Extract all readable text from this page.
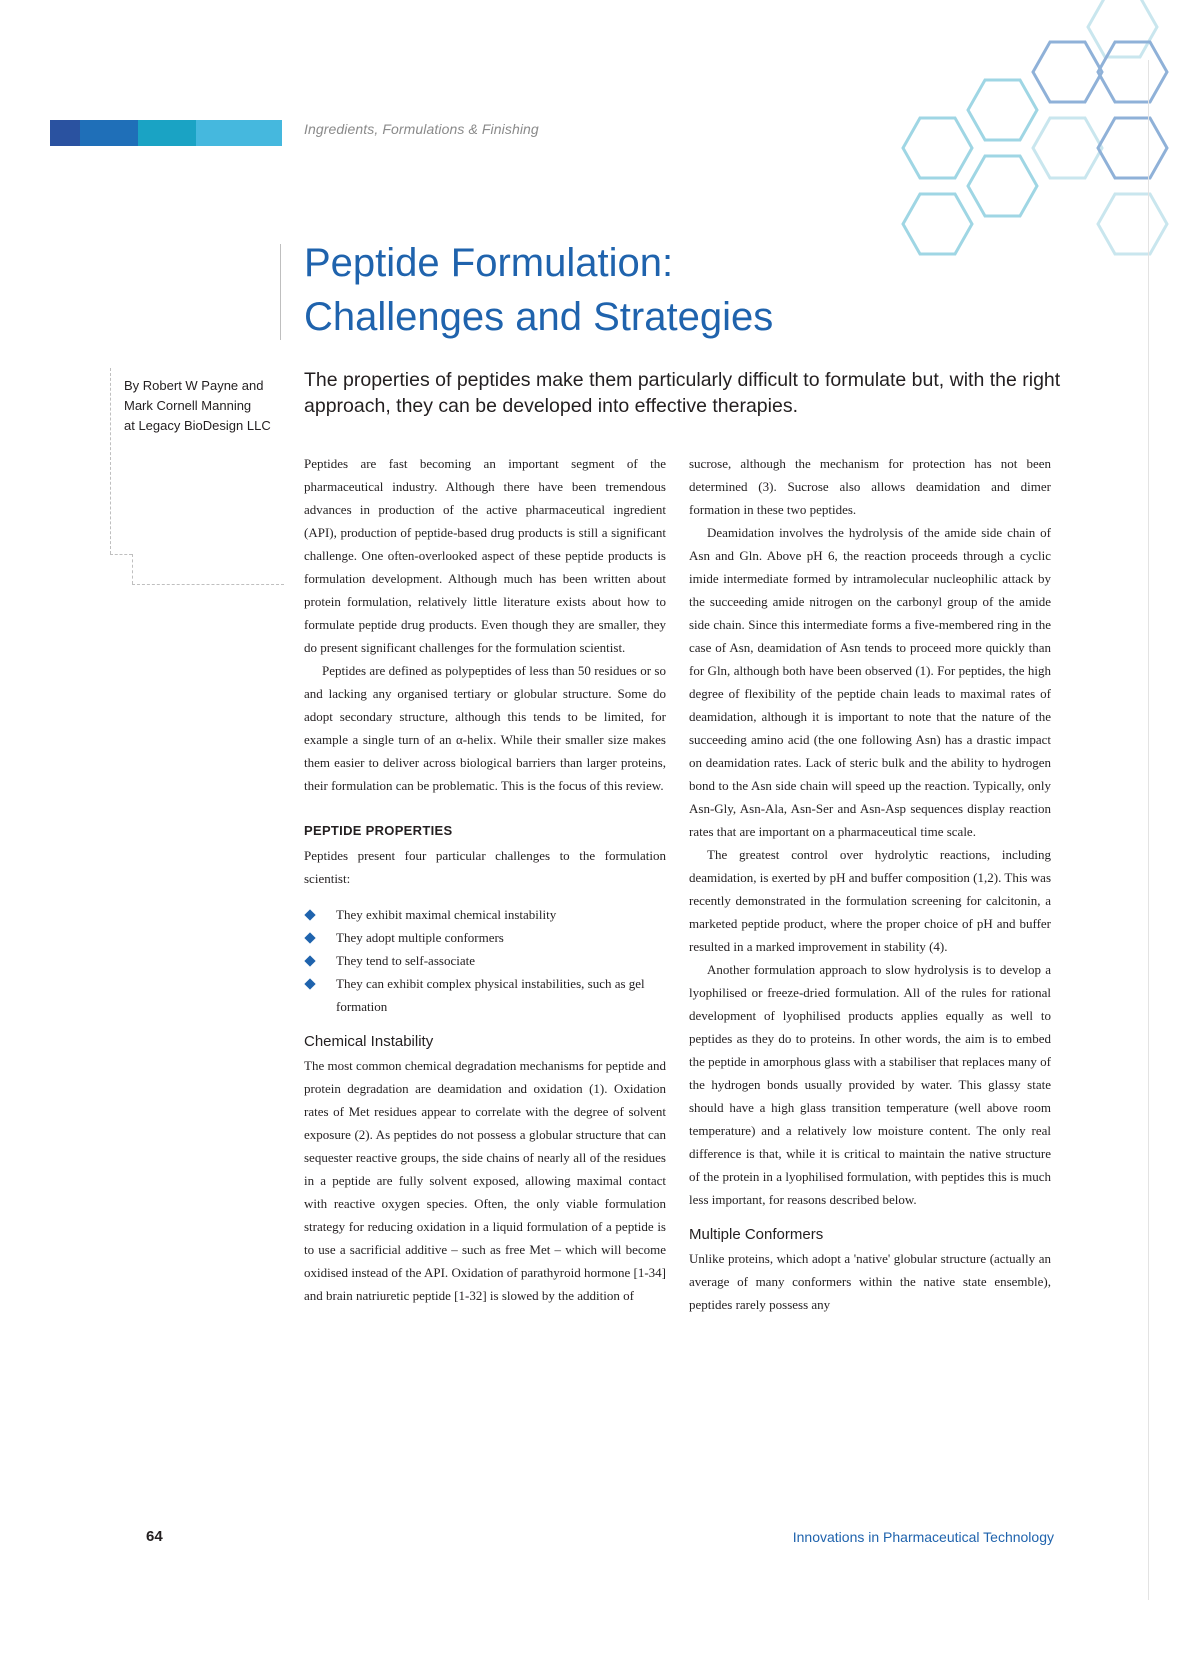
Ingredients, Formulations & Finishing
Peptide Formulation:
Challenges and Strategies
By Robert W Payne and
Mark Cornell Manning
at Legacy BioDesign LLC

The properties of peptides make them particularly difficult to formulate but, with the right approach, they can be developed into effective therapies.

Peptides are fast becoming an important segment of the pharmaceutical industry. Although there have been tremendous advances in production of the active pharmaceutical ingredient (API), production of peptide-based drug products is still a significant challenge. One often-overlooked aspect of these peptide products is formulation development. Although much has been written about protein formulation, relatively little literature exists about how to formulate peptide drug products. Even though they are smaller, they do present significant challenges for the formulation scientist.

Peptides are defined as polypeptides of less than 50 residues or so and lacking any organised tertiary or globular structure. Some do adopt secondary structure, although this tends to be limited, for example a single turn of an α-helix. While their smaller size makes them easier to deliver across biological barriers than larger proteins, their formulation can be problematic. This is the focus of this review.

PEPTIDE PROPERTIES

Peptides present four particular challenges to the formulation scientist:

They exhibit maximal chemical instability
They adopt multiple conformers
They tend to self-associate
They can exhibit complex physical instabilities, such as gel formation
Chemical Instability

The most common chemical degradation mechanisms for peptide and protein degradation are deamidation and oxidation (1). Oxidation rates of Met residues appear to correlate with the degree of solvent exposure (2). As peptides do not possess a globular structure that can sequester reactive groups, the side chains of nearly all of the residues in a peptide are fully solvent exposed, allowing maximal contact with reactive oxygen species. Often, the only viable formulation strategy for reducing oxidation in a liquid formulation of a peptide is to use a sacrificial additive – such as free Met – which will become oxidised instead of the API. Oxidation of parathyroid hormone [1-34] and brain natriuretic peptide [1-32] is slowed by the addition of

sucrose, although the mechanism for protection has not been determined (3). Sucrose also allows deamidation and dimer formation in these two peptides.

Deamidation involves the hydrolysis of the amide side chain of Asn and Gln. Above pH 6, the reaction proceeds through a cyclic imide intermediate formed by intramolecular nucleophilic attack by the succeeding amide nitrogen on the carbonyl group of the amide side chain. Since this intermediate forms a five-membered ring in the case of Asn, deamidation of Asn tends to proceed more quickly than for Gln, although both have been observed (1). For peptides, the high degree of flexibility of the peptide chain leads to maximal rates of deamidation, although it is important to note that the nature of the succeeding amino acid (the one following Asn) has a drastic impact on deamidation rates. Lack of steric bulk and the ability to hydrogen bond to the Asn side chain will speed up the reaction. Typically, only Asn-Gly, Asn-Ala, Asn-Ser and Asn-Asp sequences display reaction rates that are important on a pharmaceutical time scale.

The greatest control over hydrolytic reactions, including deamidation, is exerted by pH and buffer composition (1,2). This was recently demonstrated in the formulation screening for calcitonin, a marketed peptide product, where the proper choice of pH and buffer resulted in a marked improvement in stability (4).

Another formulation approach to slow hydrolysis is to develop a lyophilised or freeze-dried formulation. All of the rules for rational development of lyophilised products applies equally as well to peptides as they do to proteins. In other words, the aim is to embed the peptide in amorphous glass with a stabiliser that replaces many of the hydrogen bonds usually provided by water. This glassy state should have a high glass transition temperature (well above room temperature) and a relatively low moisture content. The only real difference is that, while it is critical to maintain the native structure of the protein in a lyophilised formulation, with peptides this is much less important, for reasons described below.

Multiple Conformers

Unlike proteins, which adopt a 'native' globular structure (actually an average of many conformers within the native state ensemble), peptides rarely possess any

64	Innovations in Pharmaceutical Technology
